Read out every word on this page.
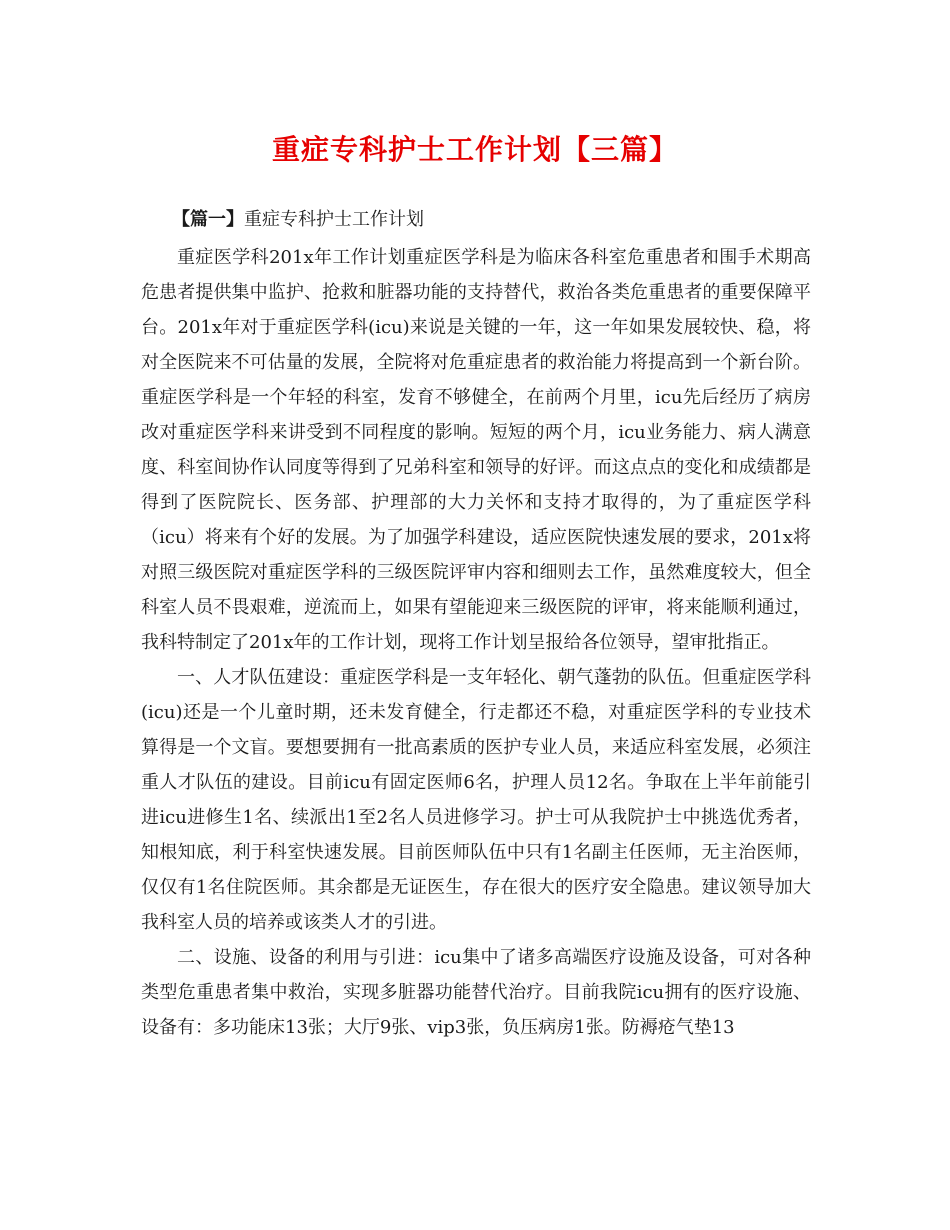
重症专科护士工作计划【三篇】

【篇一】重症专科护士工作计划

重症医学科201x年工作计划重症医学科是为临床各科室危重患者和围手术期高危患者提供集中监护、抢救和脏器功能的支持替代，救治各类危重患者的重要保障平台。201x年对于重症医学科(icu)来说是关键的一年，这一年如果发展较快、稳，将对全医院来不可估量的发展，全院将对危重症患者的救治能力将提高到一个新台阶。重症医学科是一个年轻的科室，发育不够健全，在前两个月里，icu先后经历了病房改对重症医学科来讲受到不同程度的影响。短短的两个月，icu业务能力、病人满意度、科室间协作认同度等得到了兄弟科室和领导的好评。而这点点的变化和成绩都是得到了医院院长、医务部、护理部的大力关怀和支持才取得的，为了重症医学科（icu）将来有个好的发展。为了加强学科建设，适应医院快速发展的要求，201x将对照三级医院对重症医学科的三级医院评审内容和细则去工作，虽然难度较大，但全科室人员不畏艰难，逆流而上，如果有望能迎来三级医院的评审，将来能顺利通过，我科特制定了201x年的工作计划，现将工作计划呈报给各位领导，望审批指正。

一、人才队伍建设：重症医学科是一支年轻化、朝气蓬勃的队伍。但重症医学科(icu)还是一个儿童时期，还未发育健全，行走都还不稳，对重症医学科的专业技术算得是一个文盲。要想要拥有一批高素质的医护专业人员，来适应科室发展，必须注重人才队伍的建设。目前icu有固定医师6名，护理人员12名。争取在上半年前能引进icu进修生1名、续派出1至2名人员进修学习。护士可从我院护士中挑选优秀者，知根知底，利于科室快速发展。目前医师队伍中只有1名副主任医师，无主治医师，仅仅有1名住院医师。其余都是无证医生，存在很大的医疗安全隐患。建议领导加大我科室人员的培养或该类人才的引进。

二、设施、设备的利用与引进：icu集中了诸多高端医疗设施及设备，可对各种类型危重患者集中救治，实现多脏器功能替代治疗。目前我院icu拥有的医疗设施、设备有：多功能床13张；大厅9张、vip3张，负压病房1张。防褥疮气垫13
